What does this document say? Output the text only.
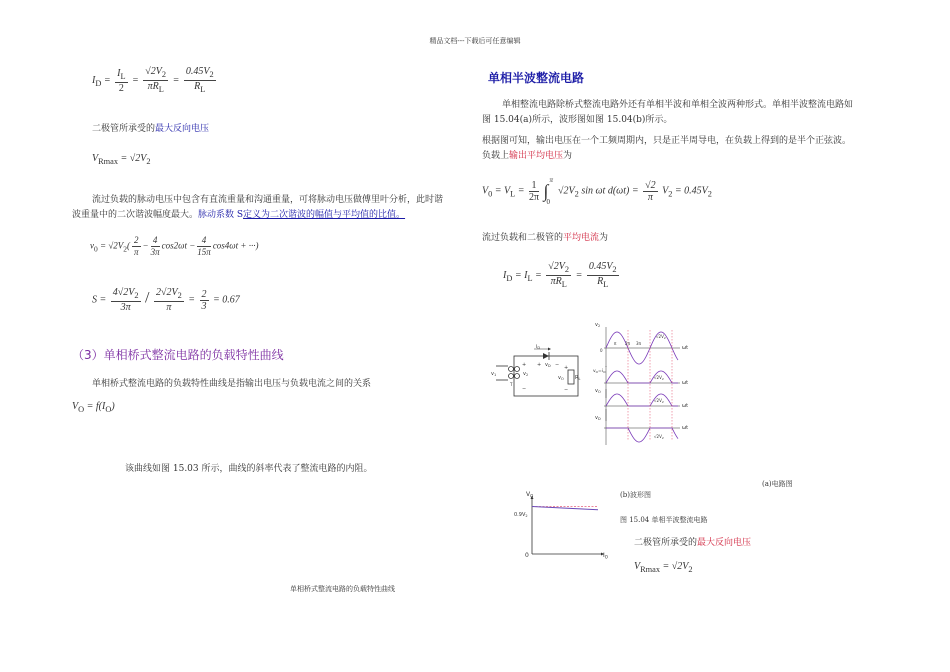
精品文档---下载后可任意编辑
$I_D = \frac{I_L}{2} = \frac{√2V_2}{\pi R_L} = \frac{0.45V_2}{R_L}$
二极管所承受的最大反向电压
$V_{Rmax} = √2V_2$
流过负载的脉动电压中包含有直流重量和沟通重量，可将脉动电压做傅里叶分析，此时谐
波重量中的二次谐波幅度最大。脉动系数 S定义为二次谐波的幅值与平均值的比值。
$v_0 = √2V_2( \frac{2}{\pi} - \frac{4}{3\pi} \cos 2\omega t - \frac{4}{15\pi} \cos 4\omega t$ + ···)
$S = \frac{4√2V_2}{3\pi} / \frac{2√2V_2}{\pi} = \frac{2}{3} = 0.67$
（3）单相桥式整流电路的负载特性曲线
单相桥式整流电路的负载特性曲线是指输出电压与负载电流之间的关系
$V_O = f(I_O)$
该曲线如图 15.03 所示，曲线的斜率代表了整流电路的内阻。
单相桥式整流电路的负载特性曲线
单相半波整流电路
单相整流电路除桥式整流电路外还有单相半波和单相全波两种形式。单相半波整流电路如
图 15.04(a)所示，波形图如图 15.04(b)所示。
根据图可知，输出电压在一个工频周期内，只是正半周导电，在负载上得到的是半个正弦波。
负载上输出平均电压为
$V_0 = V_L = \frac{1}{2\pi}$
π
∫
0
$√2V_2$ sin ωt $d(\omega t) = \frac{√2}{\pi} V_2 = 0.45V_2$
流过负载和二极管的平均电流为
$I_D = I_L = \frac{√2V_2}{\pi R_L} = \frac{0.45V_2}{R_L}$
$i_D$
+ $v_D$ −
$v_1$	$v_2$
+
−
$R_L$
$v_O$
+
−
T
$v_2$
$v_O=i_O$
$v_O$
$v_D$
ωt
ωt
ωt
ωt
0
π 2π 3π
$√2V_2$
$√2V_2$
$√2V_2$
$√2V_2$
(a)电路图
(b)波形图
图 15.04 单相半波整流电路
$V_O$
$I_O$
0
$0.9V_2$
二极管所承受的最大反向电压
$V_{Rmax} = √2V_2$
